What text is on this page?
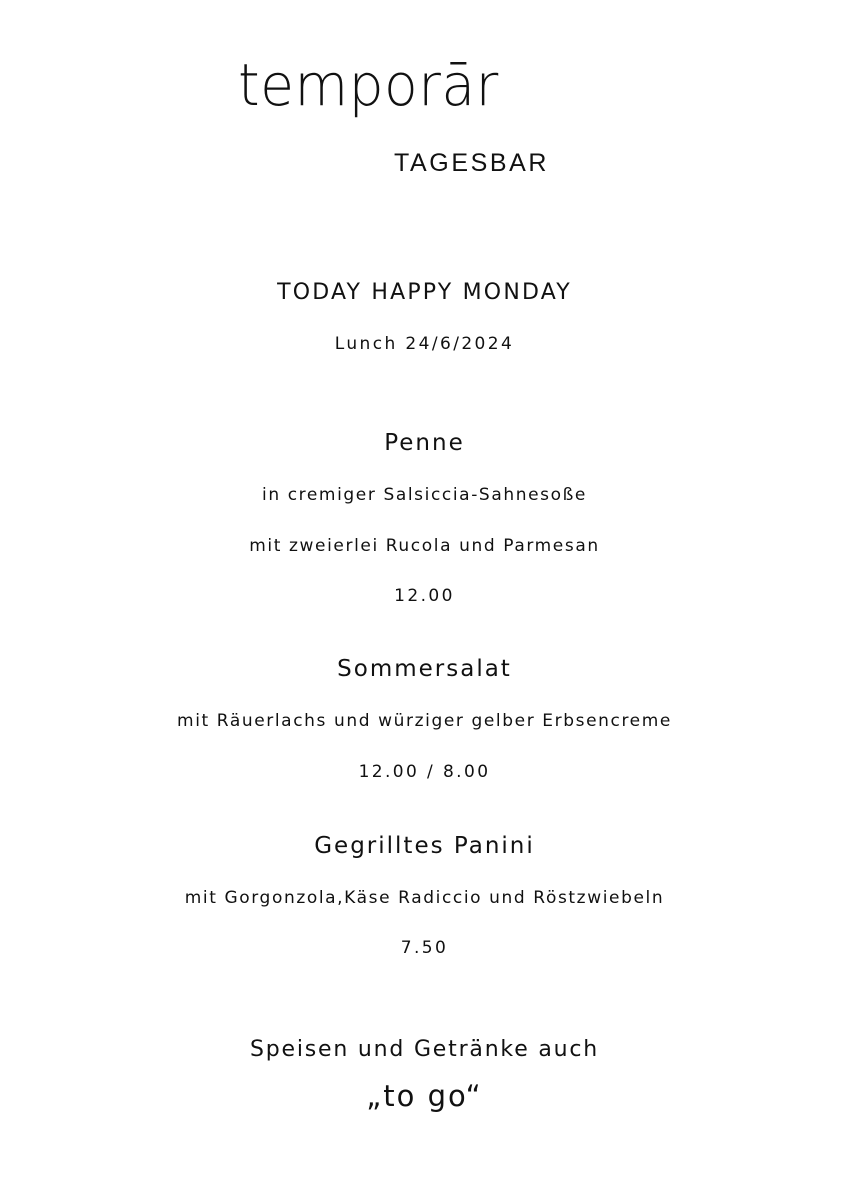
temporār
TAGESBAR
TODAY HAPPY MONDAY
Lunch 24/6/2024
Penne
in cremiger Salsiccia-Sahnesoße
mit zweierlei Rucola und Parmesan
12.00
Sommersalat
mit Räuerlachs und würziger gelber Erbsencreme
12.00 / 8.00
Gegrilltes Panini
mit Gorgonzola,Käse Radiccio und Röstzwiebeln
7.50
Speisen und Getränke auch
„to go“
